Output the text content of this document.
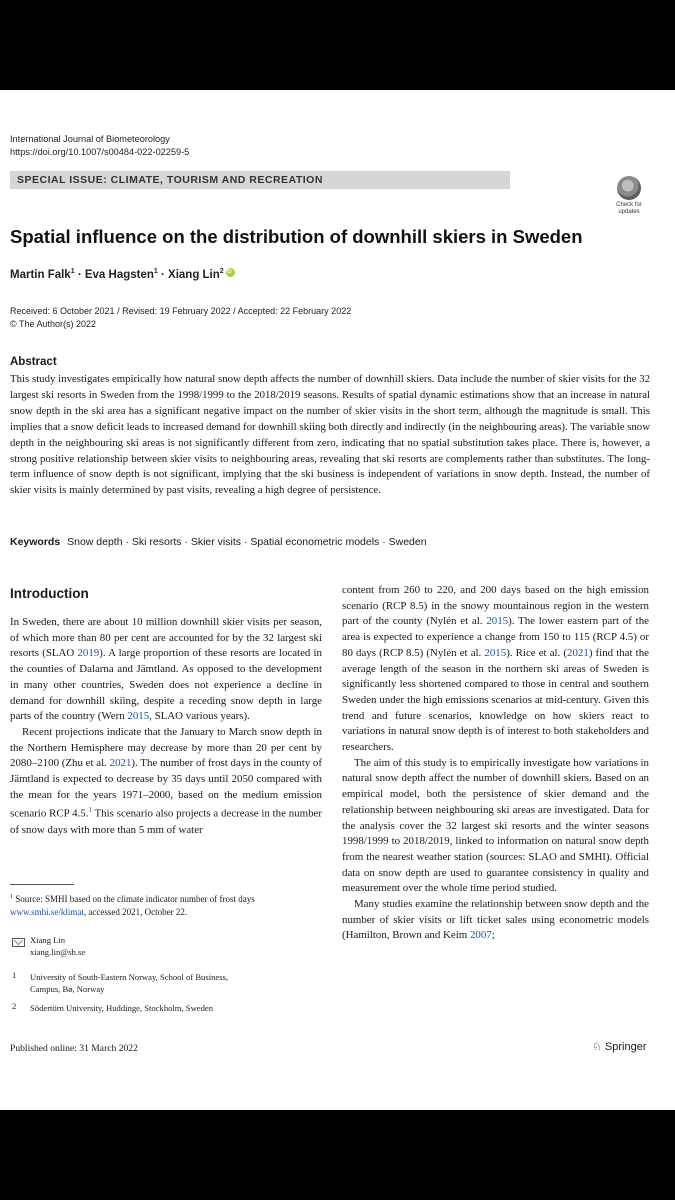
International Journal of Biometeorology
https://doi.org/10.1007/s00484-022-02259-5
SPECIAL ISSUE: CLIMATE, TOURISM AND RECREATION
Check for
updates
Spatial influence on the distribution of downhill skiers in Sweden
Martin Falk$^1$ · Eva Hagsten$^1$ · Xiang Lin$^2$iD
Received: 6 October 2021 / Revised: 19 February 2022 / Accepted: 22 February 2022
© The Author(s) 2022
Abstract
This study investigates empirically how natural snow depth affects the number of downhill skiers. Data include the number of skier visits for the 32 largest ski resorts in Sweden from the 1998/1999 to the 2018/2019 seasons. Results of spatial dynamic estimations show that an increase in natural snow depth in the ski area has a significant negative impact on the number of skier visits in the short term, although the magnitude is small. This implies that a snow deficit leads to increased demand for downhill skiing both directly and indirectly (in the neighbouring areas). The variable snow depth in the neighbouring ski areas is not significantly different from zero, indicating that no spatial substitution takes place. There is, however, a strong positive relationship between skier visits to neighbouring areas, revealing that ski resorts are complements rather than substitutes. The long-term influence of snow depth is not significant, implying that the ski business is independent of variations in snow depth. Instead, the number of skier visits is mainly determined by past visits, revealing a high degree of persistence.
Keywords Snow depth · Ski resorts · Skier visits · Spatial econometric models · Sweden
Introduction

In Sweden, there are about 10 million downhill skier visits per season, of which more than 80 per cent are accounted for by the 32 largest ski resorts (SLAO 2019). A large proportion of these resorts are located in the counties of Dalarna and Jämtland. As opposed to the development in many other countries, Sweden does not experience a decline in demand for downhill skiing, despite a receding snow depth in large parts of the country (Wern 2015, SLAO various years).

Recent projections indicate that the January to March snow depth in the Northern Hemisphere may decrease by more than 20 per cent by 2080–2100 (Zhu et al. 2021). The number of frost days in the county of Jämtland is expected to decrease by 35 days until 2050 compared with the mean for the years 1971–2000, based on the medium emission scenario RCP 4.5.$^1$ This scenario also projects a decrease in the number of snow days with more than 5 mm of water

content from 260 to 220, and 200 days based on the high emission scenario (RCP 8.5) in the snowy mountainous region in the western part of the county (Nylén et al. 2015). The lower eastern part of the area is expected to experience a change from 150 to 115 (RCP 4.5) or 80 days (RCP 8.5) (Nylén et al. 2015). Rice et al. (2021) find that the average length of the season in the northern ski areas of Sweden is significantly less shortened compared to those in central and southern Sweden under the high emissions scenarios at mid-century. Given this trend and future scenarios, knowledge on how skiers react to variations in natural snow depth is of interest to both stakeholders and researchers.

The aim of this study is to empirically investigate how variations in natural snow depth affect the number of downhill skiers. Based on an empirical model, both the persistence of skier demand and the relationship between neighbouring ski areas are investigated. Data for the analysis cover the 32 largest ski resorts and the winter seasons 1998/1999 to 2018/2019, linked to information on natural snow depth from the nearest weather station (sources: SLAO and SMHI). Official data on snow depth are used to guarantee consistency in quality and measurement over the whole time period studied.

Many studies examine the relationship between snow depth and the number of skier visits or lift ticket sales using econometric models (Hamilton, Brown and Keim 2007;

$^1$ Source: SMHI based on the climate indicator number of frost days
www.smhi.se/klimat, accessed 2021, October 22.
Xiang Lin
xiang.lin@sh.se
1 University of South-Eastern Norway, School of Business,
Campus, Bø, Norway
2 Södertörn University, Huddinge, Stockholm, Sweden
Published online: 31 March 2022	♘ Springer
